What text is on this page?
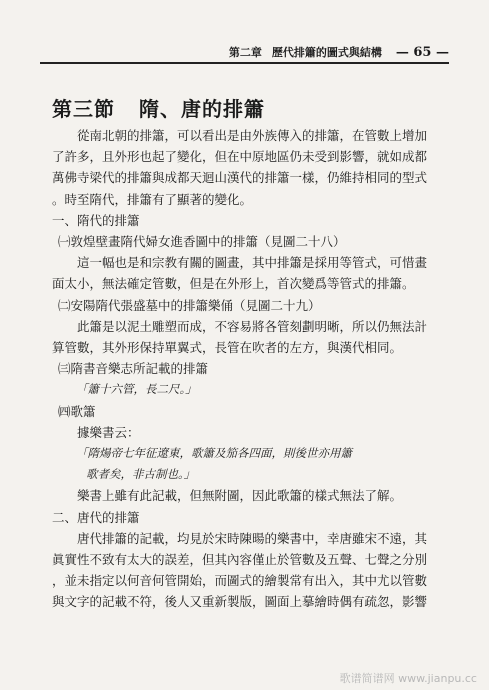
第二章 歷代排簫的圖式與結構 — 65 —
第三節 隋、唐的排簫

從南北朝的排簫，可以看出是由外族傳入的排簫，在管數上增加

了許多，且外形也起了變化，但在中原地區仍未受到影響，就如成都

萬佛寺梁代的排簫與成都天迴山漢代的排簫一樣，仍維持相同的型式

。時至隋代，排簫有了顯著的變化。

一、隋代的排簫

㈠敦煌壁畫隋代婦女進香圖中的排簫（見圖二十八）

這一幅也是和宗教有關的圖畫，其中排簫是採用等管式，可惜畫

面太小，無法確定管數，但是在外形上，首次變爲等管式的排簫。

㈡安陽隋代張盛墓中的排簫樂俑（見圖二十九）

此簫是以泥土雕塑而成，不容易將各管刻劃明晰，所以仍無法計

算管數，其外形保持單翼式，長管在吹者的左方，與漢代相同。

㈢隋書音樂志所記載的排簫

「簫十六管，長二尺。」

㈣歌簫

據樂書云：

「隋煬帝七年征遼東，歌簫及笳各四面，則後世亦用簫

歌者矣，非古制也。」

樂書上雖有此記載，但無附圖，因此歌簫的樣式無法了解。

二、唐代的排簫

唐代排簫的記載，均見於宋時陳暘的樂書中，幸唐雖宋不遠，其

眞實性不致有太大的誤差，但其內容僅止於管數及五聲、七聲之分別

，並未指定以何音何管開始，而圖式的繪製常有出入，其中尤以管數

與文字的記載不符，後人又重新製版，圖面上摹繪時偶有疏忽，影響

歌谱简谱网 www.jianpu.cc
